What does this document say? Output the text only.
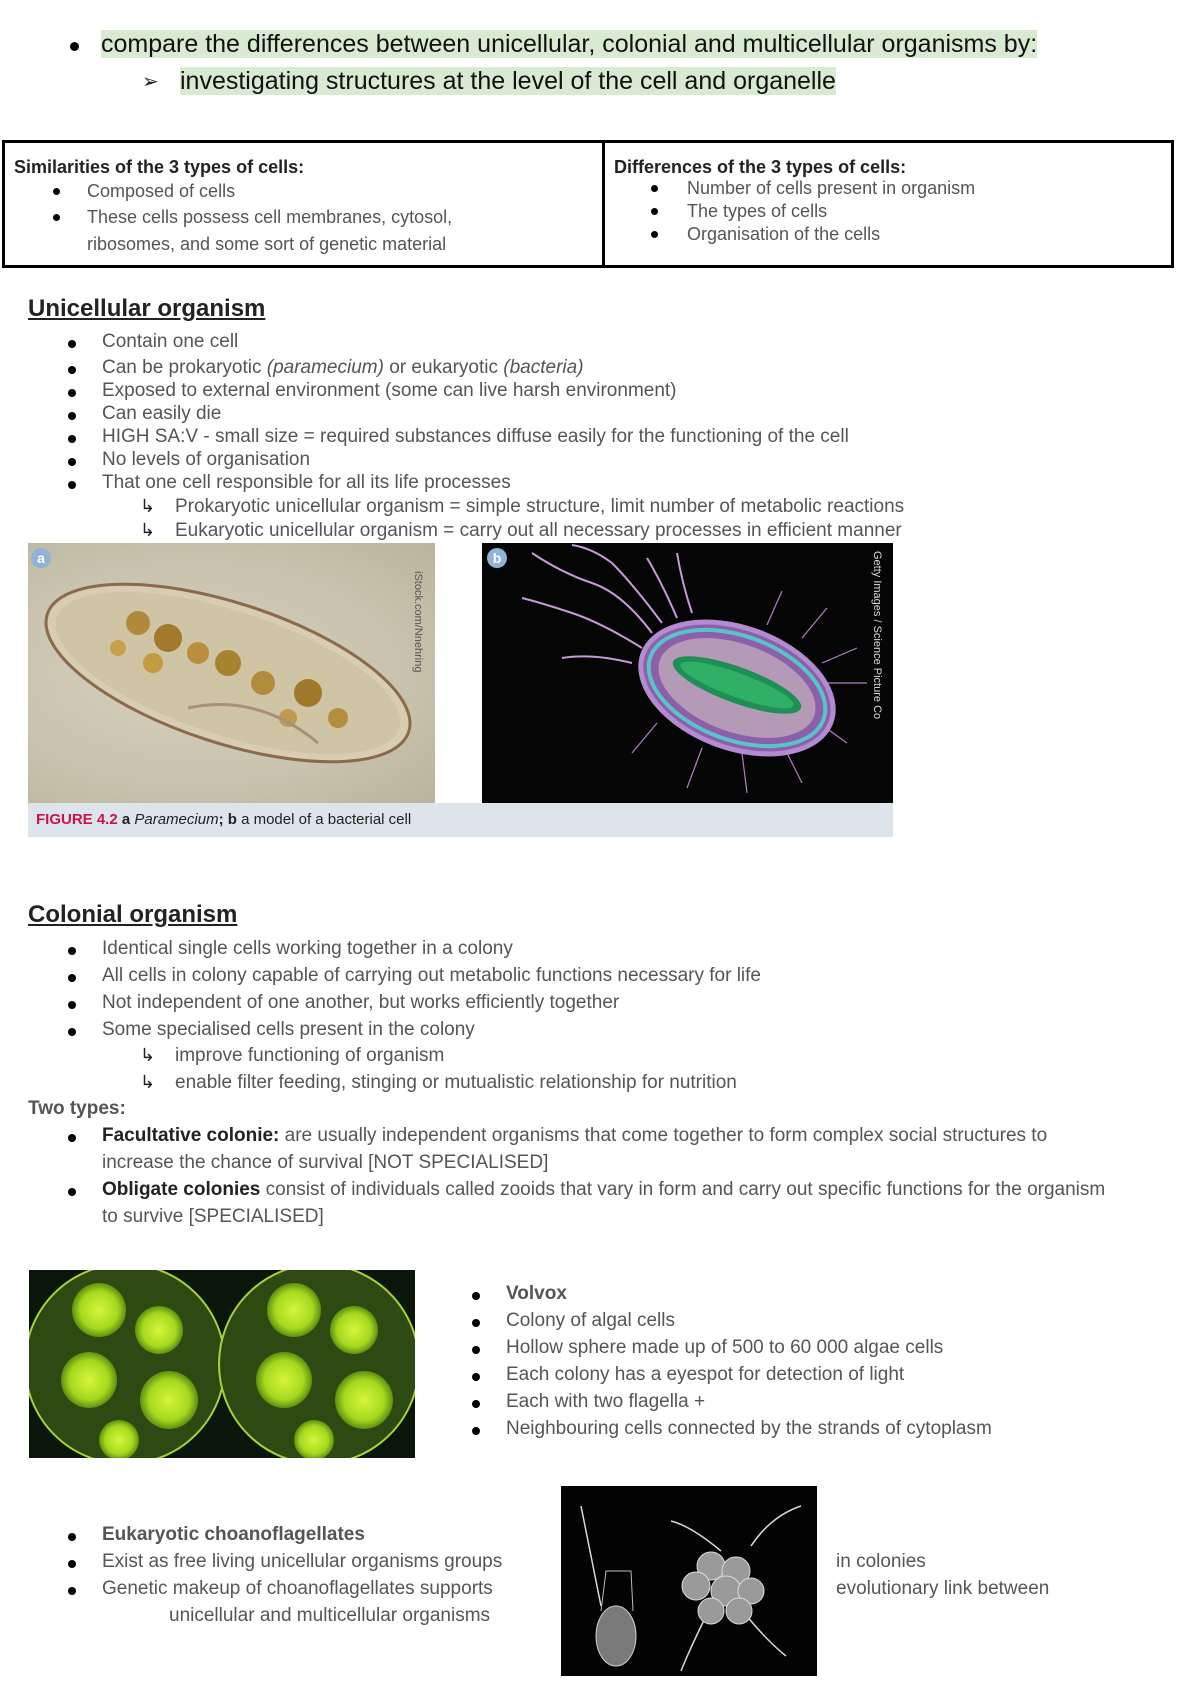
compare the differences between unicellular, colonial and multicellular organisms by:
➢ investigating structures at the level of the cell and organelle
Similarities of the 3 types of cells:
Composed of cells
These cells possess cell membranes, cytosol,
ribosomes, and some sort of genetic material
Differences of the 3 types of cells:
Number of cells present in organism
The types of cells
Organisation of the cells
Unicellular organism
Contain one cell
Can be prokaryotic (paramecium) or eukaryotic (bacteria)
Exposed to external environment (some can live harsh environment)
Can easily die
HIGH SA:V - small size = required substances diffuse easily for the functioning of the cell
No levels of organisation
That one cell responsible for all its life processes
↳ Prokaryotic unicellular organism = simple structure, limit number of metabolic reactions
↳ Eukaryotic unicellular organism = carry out all necessary processes in efficient manner
a
iStock.com/Nnehring
b	Getty Images / Science Picture Co
FIGURE 4.2 a Paramecium; b a model of a bacterial cell
Colonial organism
Identical single cells working together in a colony
All cells in colony capable of carrying out metabolic functions necessary for life
Not independent of one another, but works efficiently together
Some specialised cells present in the colony
↳ improve functioning of organism
↳ enable filter feeding, stinging or mutualistic relationship for nutrition
Two types:
Facultative colonie: are usually independent organisms that come together to form complex social structures to
increase the chance of survival [NOT SPECIALISED]
Obligate colonies consist of individuals called zooids that vary in form and carry out specific functions for the organism
to survive [SPECIALISED]
Volvox
Colony of algal cells
Hollow sphere made up of 500 to 60 000 algae cells
Each colony has a eyespot for detection of light
Each with two flagella +
Neighbouring cells connected by the strands of cytoplasm
Eukaryotic choanoflagellates
Exist as free living unicellular organisms groups	in colonies
Genetic makeup of choanoflagellates supports	evolutionary link between
unicellular and multicellular organisms
